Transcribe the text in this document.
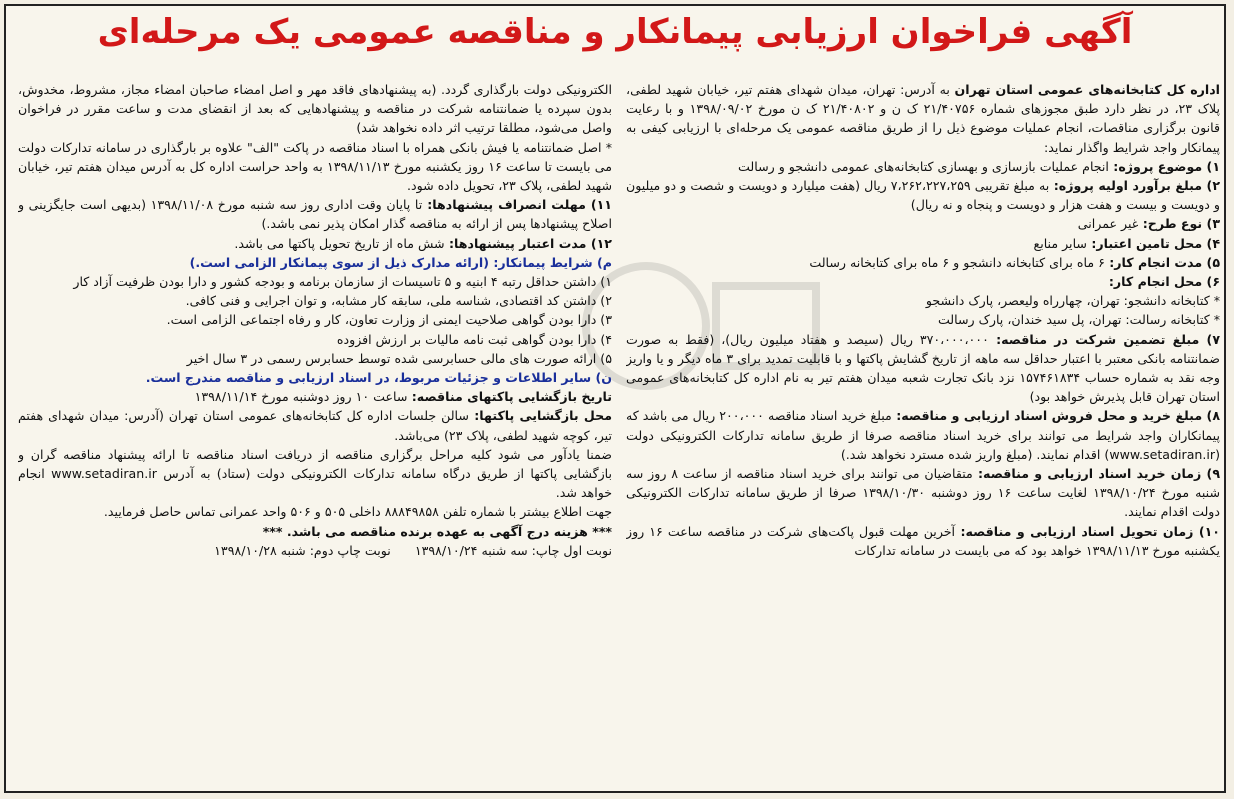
آگهی فراخوان ارزیابی پیمانکار و مناقصه عمومی یک مرحله‌ای

اداره کل کتابخانه‌های عمومی استان تهران به آدرس: تهران، میدان شهدای هفتم تیر، خیابان شهید لطفی، پلاک ۲۳، در نظر دارد طبق مجوزهای شماره ۲۱/۴۰۷۵۶ ک ن و ۲۱/۴۰۸۰۲ ک ن مورخ ۱۳۹۸/۰۹/۰۲ و با رعایت قانون برگزاری مناقصات، انجام عملیات موضوع ذیل را از طریق مناقصه عمومی یک مرحله‌ای با ارزیابی کیفی به پیمانکار واجد شرایط واگذار نماید:

۱) موضوع پروژه: انجام عملیات بازسازی و بهسازی کتابخانه‌های عمومی دانشجو و رسالت

۲) مبلغ برآورد اولیه پروژه: به مبلغ تقریبی ۷،۲۶۲،۲۲۷،۲۵۹ ریال (هفت میلیارد و دویست و شصت و دو میلیون و دویست و بیست و هفت هزار و دویست و پنجاه و نه ریال)

۳) نوع طرح: غیر عمرانی

۴) محل تامین اعتبار: سایر منابع

۵) مدت انجام کار: ۶ ماه برای کتابخانه دانشجو و ۶ ماه برای کتابخانه رسالت

۶) محل انجام کار:

* کتابخانه دانشجو: تهران، چهارراه ولیعصر، پارک دانشجو

* کتابخانه رسالت: تهران، پل سید خندان، پارک رسالت

۷) مبلغ تضمین شرکت در مناقصه: ۳۷۰،۰۰۰،۰۰۰ ریال (سیصد و هفتاد میلیون ریال)، (فقط به صورت ضمانتنامه بانکی معتبر با اعتبار حداقل سه ماهه از تاریخ گشایش پاکتها و با قابلیت تمدید برای ۳ ماه دیگر و یا واریز وجه نقد به شماره حساب ۱۵۷۴۶۱۸۳۴ نزد بانک تجارت شعبه میدان هفتم تیر به نام اداره کل کتابخانه‌های عمومی استان تهران قابل پذیرش خواهد بود)

۸) مبلغ خرید و محل فروش اسناد ارزیابی و مناقصه: مبلغ خرید اسناد مناقصه ۲۰۰،۰۰۰ ریال می باشد که پیمانکاران واجد شرایط می توانند برای خرید اسناد مناقصه صرفا از طریق سامانه تدارکات الکترونیکی دولت (www.setadiran.ir) اقدام نمایند. (مبلغ واریز شده مسترد نخواهد شد.)

۹) زمان خرید اسناد ارزیابی و مناقصه: متقاضیان می توانند برای خرید اسناد مناقصه از ساعت ۸ روز سه شنبه مورخ ۱۳۹۸/۱۰/۲۴ لغایت ساعت ۱۶ روز دوشنبه ۱۳۹۸/۱۰/۳۰ صرفا از طریق سامانه تدارکات الکترونیکی دولت اقدام نمایند.

۱۰) زمان تحویل اسناد ارزیابی و مناقصه: آخرین مهلت قبول پاکت‌های شرکت در مناقصه ساعت ۱۶ روز یکشنبه مورخ ۱۳۹۸/۱۱/۱۳ خواهد بود که می بایست در سامانه تدارکات

الکترونیکی دولت بارگذاری گردد. (به پیشنهادهای فاقد مهر و اصل امضاء صاحبان امضاء مجاز، مشروط، مخدوش، بدون سپرده یا ضمانتنامه شرکت در مناقصه و پیشنهادهایی که بعد از انقضای مدت و ساعت مقرر در فراخوان واصل می‌شود، مطلقا ترتیب اثر داده نخواهد شد)

* اصل ضمانتنامه یا فیش بانکی همراه با اسناد مناقصه در پاکت "الف" علاوه بر بارگذاری در سامانه تدارکات دولت می بایست تا ساعت ۱۶ روز یکشنبه مورخ ۱۳۹۸/۱۱/۱۳ به واحد حراست اداره کل به آدرس میدان هفتم تیر، خیابان شهید لطفی، پلاک ۲۳، تحویل داده شود.

۱۱) مهلت انصراف پیشنهادها: تا پایان وقت اداری روز سه شنبه مورخ ۱۳۹۸/۱۱/۰۸ (بدیهی است جایگزینی و اصلاح پیشنهادها پس از ارائه به مناقصه گذار امکان پذیر نمی باشد.)

۱۲) مدت اعتبار پیشنهادها: شش ماه از تاریخ تحویل پاکتها می باشد.

م) شرایط پیمانکار: (ارائه مدارک ذیل از سوی پیمانکار الزامی است.)

۱) داشتن حداقل رتبه ۴ ابنیه و ۵ تاسیسات از سازمان برنامه و بودجه کشور و دارا بودن ظرفیت آزاد کار

۲) داشتن کد اقتصادی، شناسه ملی، سابقه کار مشابه، و توان اجرایی و فنی کافی.

۳) دارا بودن گواهی صلاحیت ایمنی از وزارت تعاون، کار و رفاه اجتماعی الزامی است.

۴) دارا بودن گواهی ثبت نامه مالیات بر ارزش افزوده

۵) ارائه صورت های مالی حسابرسی شده توسط حسابرس رسمی در ۳ سال اخیر

ن) سایر اطلاعات و جزئیات مربوط، در اسناد ارزیابی و مناقصه مندرج است.

تاریخ بازگشایی پاکتهای مناقصه: ساعت ۱۰ روز دوشنبه مورخ ۱۳۹۸/۱۱/۱۴

محل بازگشایی پاکتها: سالن جلسات اداره کل کتابخانه‌های عمومی استان تهران (آدرس: میدان شهدای هفتم تیر، کوچه شهید لطفی، پلاک ۲۳) می‌باشد.

ضمنا یادآور می شود کلیه مراحل برگزاری مناقصه از دریافت اسناد مناقصه تا ارائه پیشنهاد مناقصه گران و بازگشایی پاکتها از طریق درگاه سامانه تدارکات الکترونیکی دولت (ستاد) به آدرس www.setadiran.ir انجام خواهد شد.

جهت اطلاع بیشتر با شماره تلفن ۸۸۸۴۹۸۵۸ داخلی ۵۰۵ و ۵۰۶ واحد عمرانی تماس حاصل فرمایید.

*** هزینه درج آگهی به عهده برنده مناقصه می باشد. ***

نوبت اول چاپ: سه شنبه ۱۳۹۸/۱۰/۲۴      نوبت چاپ دوم: شنبه ۱۳۹۸/۱۰/۲۸
